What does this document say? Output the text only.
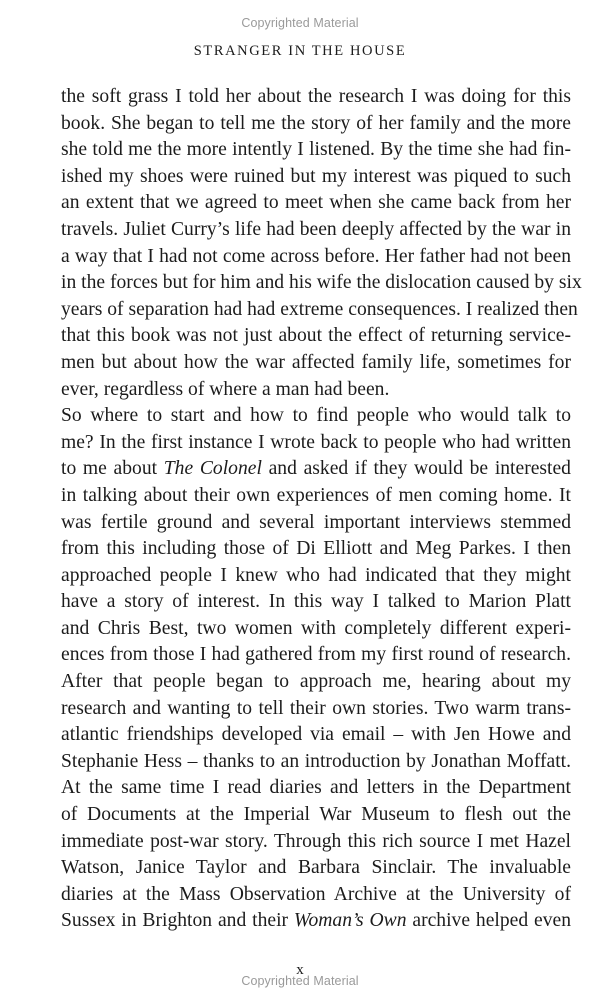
Copyrighted Material
STRANGER IN THE HOUSE
the soft grass I told her about the research I was doing for this
book. She began to tell me the story of her family and the more
she told me the more intently I listened. By the time she had fin-
ished my shoes were ruined but my interest was piqued to such
an extent that we agreed to meet when she came back from her
travels. Juliet Curry’s life had been deeply affected by the war in
a way that I had not come across before. Her father had not been
in the forces but for him and his wife the dislocation caused by six
years of separation had had extreme consequences. I realized then
that this book was not just about the effect of returning service-
men but about how the war affected family life, sometimes for
ever, regardless of where a man had been.
So where to start and how to find people who would talk to
me? In the first instance I wrote back to people who had written
to me about The Colonel and asked if they would be interested
in talking about their own experiences of men coming home. It
was fertile ground and several important interviews stemmed
from this including those of Di Elliott and Meg Parkes. I then
approached people I knew who had indicated that they might
have a story of interest. In this way I talked to Marion Platt
and Chris Best, two women with completely different experi-
ences from those I had gathered from my first round of research.
After that people began to approach me, hearing about my
research and wanting to tell their own stories. Two warm trans-
atlantic friendships developed via email – with Jen Howe and
Stephanie Hess – thanks to an introduction by Jonathan Moffatt.
At the same time I read diaries and letters in the Department
of Documents at the Imperial War Museum to flesh out the
immediate post-war story. Through this rich source I met Hazel
Watson, Janice Taylor and Barbara Sinclair. The invaluable
diaries at the Mass Observation Archive at the University of
Sussex in Brighton and their Woman’s Own archive helped even
x
Copyrighted Material
